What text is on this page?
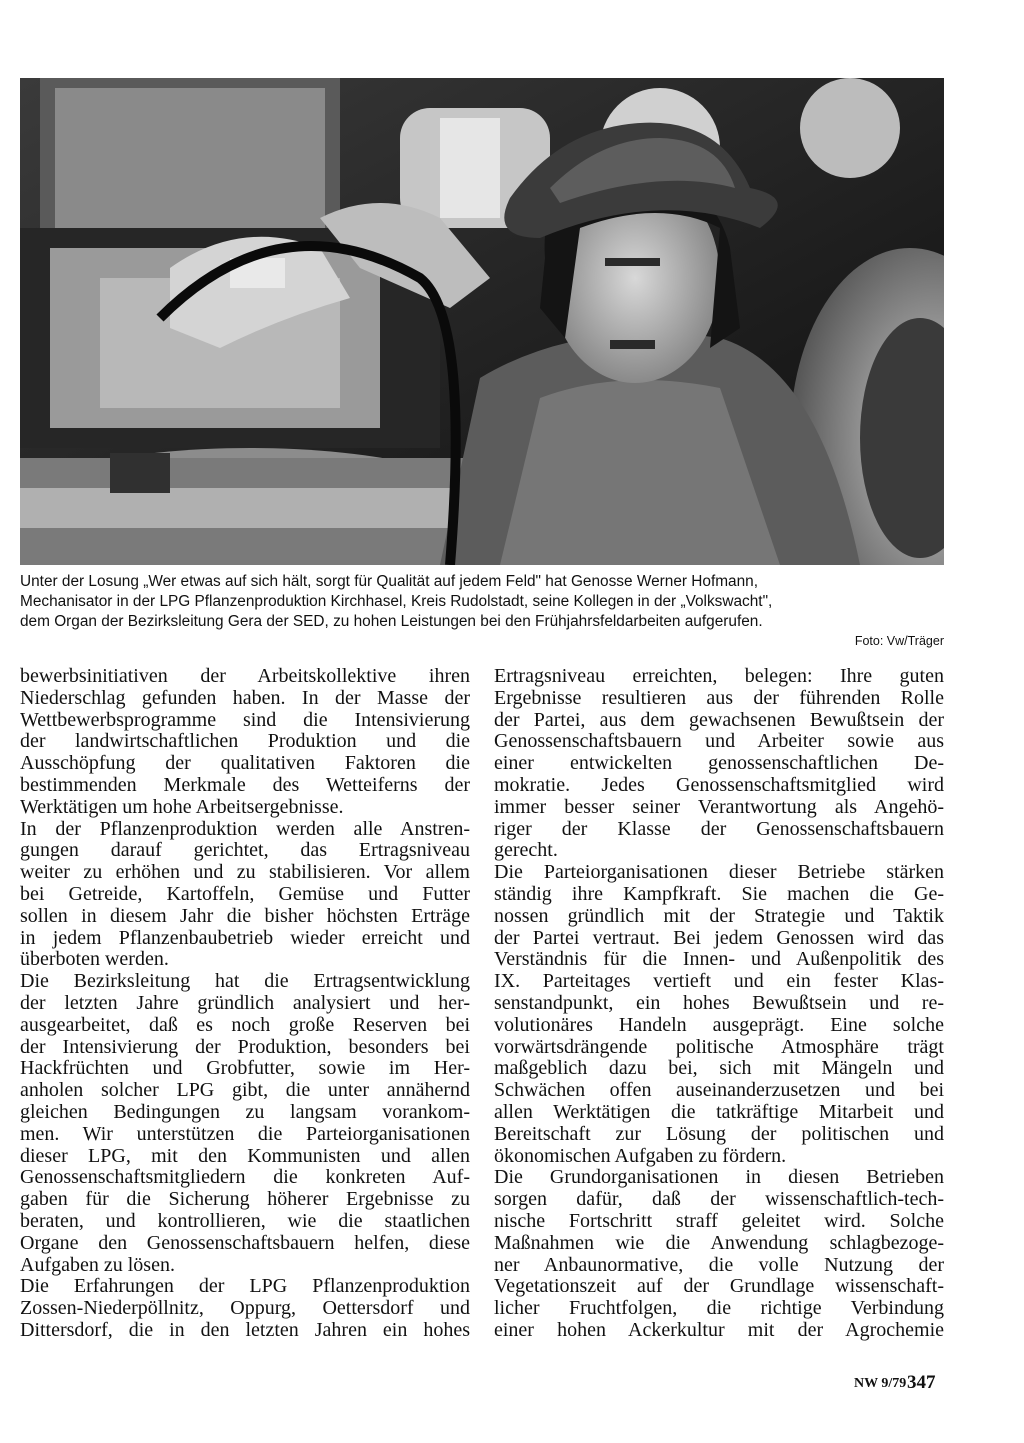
Unter der Losung „Wer etwas auf sich hält, sorgt für Qualität auf jedem Feld" hat Genosse Werner Hofmann,
Mechanisator in der LPG Pflanzenproduktion Kirchhasel, Kreis Rudolstadt, seine Kollegen in der „Volkswacht",
dem Organ der Bezirksleitung Gera der SED, zu hohen Leistungen bei den Frühjahrsfeldarbeiten aufgerufen.
Foto: Vw/Träger
bewerbsinitiativen der Arbeitskollektive ihren
Niederschlag gefunden haben. In der Masse der
Wettbewerbsprogramme sind die Intensivierung
der landwirtschaftlichen Produktion und die
Ausschöpfung der qualitativen Faktoren die
bestimmenden Merkmale des Wetteiferns der
Werktätigen um hohe Arbeitsergebnisse.
In der Pflanzenproduktion werden alle Anstren-
gungen darauf gerichtet, das Ertragsniveau
weiter zu erhöhen und zu stabilisieren. Vor allem
bei Getreide, Kartoffeln, Gemüse und Futter
sollen in diesem Jahr die bisher höchsten Erträge
in jedem Pflanzenbaubetrieb wieder erreicht und
überboten werden.
Die Bezirksleitung hat die Ertragsentwicklung
der letzten Jahre gründlich analysiert und her-
ausgearbeitet, daß es noch große Reserven bei
der Intensivierung der Produktion, besonders bei
Hackfrüchten und Grobfutter, sowie im Her-
anholen solcher LPG gibt, die unter annähernd
gleichen Bedingungen zu langsam vorankom-
men. Wir unterstützen die Parteiorganisationen
dieser LPG, mit den Kommunisten und allen
Genossenschaftsmitgliedern die konkreten Auf-
gaben für die Sicherung höherer Ergebnisse zu
beraten, und kontrollieren, wie die staatlichen
Organe den Genossenschaftsbauern helfen, diese
Aufgaben zu lösen.
Die Erfahrungen der LPG Pflanzenproduktion
Zossen-Niederpöllnitz, Oppurg, Oettersdorf und
Dittersdorf, die in den letzten Jahren ein hohes
Ertragsniveau erreichten, belegen: Ihre guten
Ergebnisse resultieren aus der führenden Rolle
der Partei, aus dem gewachsenen Bewußtsein der
Genossenschaftsbauern und Arbeiter sowie aus
einer entwickelten genossenschaftlichen De-
mokratie. Jedes Genossenschaftsmitglied wird
immer besser seiner Verantwortung als Angehö-
riger der Klasse der Genossenschaftsbauern
gerecht.
Die Parteiorganisationen dieser Betriebe stärken
ständig ihre Kampfkraft. Sie machen die Ge-
nossen gründlich mit der Strategie und Taktik
der Partei vertraut. Bei jedem Genossen wird das
Verständnis für die Innen- und Außenpolitik des
IX. Parteitages vertieft und ein fester Klas-
senstandpunkt, ein hohes Bewußtsein und re-
volutionäres Handeln ausgeprägt. Eine solche
vorwärtsdrängende politische Atmosphäre trägt
maßgeblich dazu bei, sich mit Mängeln und
Schwächen offen auseinanderzusetzen und bei
allen Werktätigen die tatkräftige Mitarbeit und
Bereitschaft zur Lösung der politischen und
ökonomischen Aufgaben zu fördern.
Die Grundorganisationen in diesen Betrieben
sorgen dafür, daß der wissenschaftlich-tech-
nische Fortschritt straff geleitet wird. Solche
Maßnahmen wie die Anwendung schlagbezoge-
ner Anbaunormative, die volle Nutzung der
Vegetationszeit auf der Grundlage wissenschaft-
licher Fruchtfolgen, die richtige Verbindung
einer hohen Ackerkultur mit der Agrochemie
NW 9/79 347
